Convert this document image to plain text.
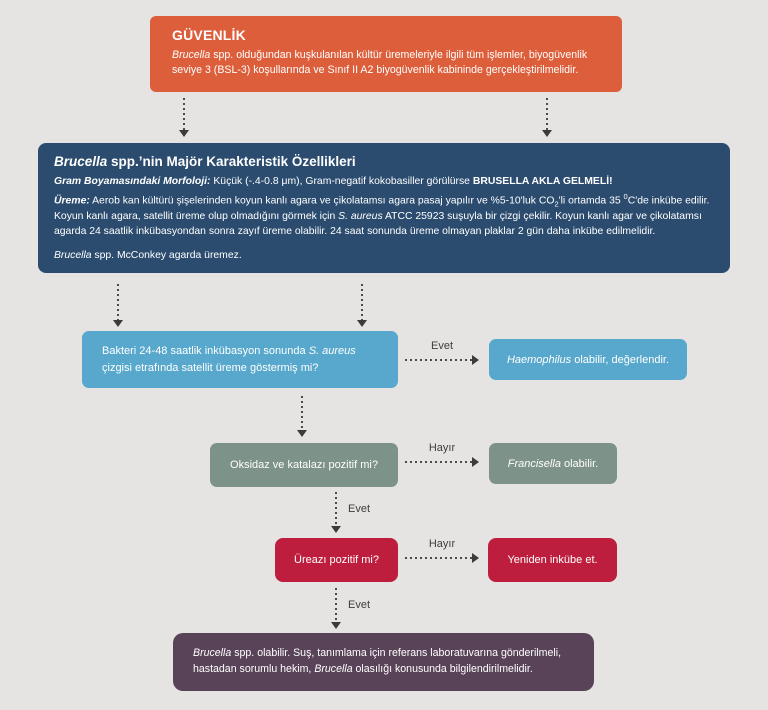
GÜVENLİK
Brucella spp. olduğundan kuşkulanılan kültür üremeleriyle ilgili tüm işlemler, biyogüvenlik seviye 3 (BSL-3) koşullarında ve Sınıf II A2 biyogüvenlik kabininde gerçekleştirilmelidir.
Brucella spp.’nin Majör Karakteristik Özellikleri

Gram Boyamasındaki Morfoloji: Küçük (-.4-0.8 μm), Gram-negatif kokobasiller görülürse BRUSELLA AKLA GELMELİ!

Üreme: Aerob kan kültürü şişelerinden koyun kanlı agara ve çikolatamsı agara pasaj yapılır ve %5-10'luk $CO_2'li$ ortamda 35 $^0$C'de inkübe edilir. Koyun kanlı agara, satellit üreme olup olmadığını görmek için S. aureus ATCC 25923 suşuyla bir çizgi çekilir. Koyun kanlı agar ve çikolatamsı agarda 24 saatlik inkübasyondan sonra zayıf üreme olabilir. 24 saat sonunda üreme olmayan plaklar 2 gün daha inkübe edilmelidir.

Brucella spp. McConkey agarda üremez.

Bakteri 24-48 saatlik inkübasyon sonunda S. aureus çizgisi etrafında satellit üreme göstermiş mi?
Evet
Haemophilus olabilir, değerlendir.
Oksidaz ve katalazı pozitif mi?
Hayır
Francisella olabilir.
Evet
Üreazı pozitif mi?
Hayır
Yeniden inkübe et.
Evet
Brucella spp. olabilir. Suş, tanımlama için referans laboratuvarına gönderilmeli, hastadan sorumlu hekim, Brucella olasılığı konusunda bilgilendirilmelidir.
